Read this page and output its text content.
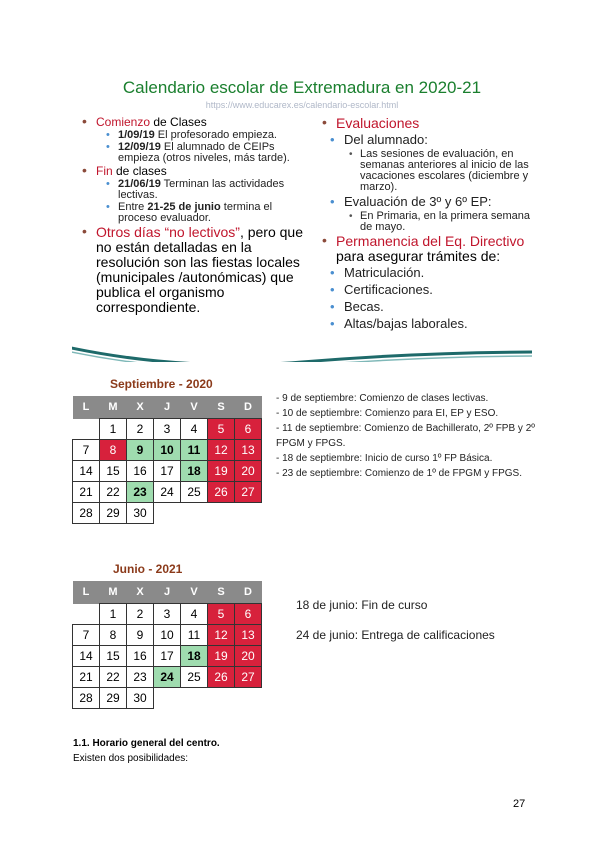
Calendario escolar de Extremadura en 2020-21
https://www.educarex.es/calendario-escolar.html
• Comienzo de Clases
• 1/09/19 El profesorado empieza.
• 12/09/19 El alumnado de CEIPs empieza (otros niveles, más tarde).
• Fin de clases
• 21/06/19 Terminan las actividades lectivas.
• Entre 21-25 de junio termina el proceso evaluador.
• Otros días “no lectivos”, pero que no están detalladas en la resolución son las fiestas locales (municipales /autonómicas) que publica el organismo correspondiente.
• Evaluaciones
• Del alumnado:
• Las sesiones de evaluación, en semanas anteriores al inicio de las vacaciones escolares (diciembre y marzo).
• Evaluación de 3º y 6º EP:
• En Primaria, en la primera semana de mayo.
• Permanencia del Eq. Directivo para asegurar trámites de:
• Matriculación.
• Certificaciones.
• Becas.
• Altas/bajas laborales.
Septiembre - 2020
L	M	X	J	V	S	D
	1	2	3	4	5	6
7	8	9	10	11	12	13
14	15	16	17	18	19	20
21	22	23	24	25	26	27
28	29	30				
- 9 de septiembre: Comienzo de clases lectivas.
- 10 de septiembre: Comienzo para EI, EP y ESO.
- 11 de septiembre: Comienzo de Bachillerato, 2º FPB y 2º FPGM y FPGS.
- 18 de septiembre: Inicio de curso 1º FP Básica.
- 23 de septiembre: Comienzo de 1º de FPGM y FPGS.
Junio - 2021
L	M	X	J	V	S	D
	1	2	3	4	5	6
7	8	9	10	11	12	13
14	15	16	17	18	19	20
21	22	23	24	25	26	27
28	29	30				

18 de junio: Fin de curso

24 de junio: Entrega de calificaciones

1.1. Horario general del centro.
Existen dos posibilidades:
27
